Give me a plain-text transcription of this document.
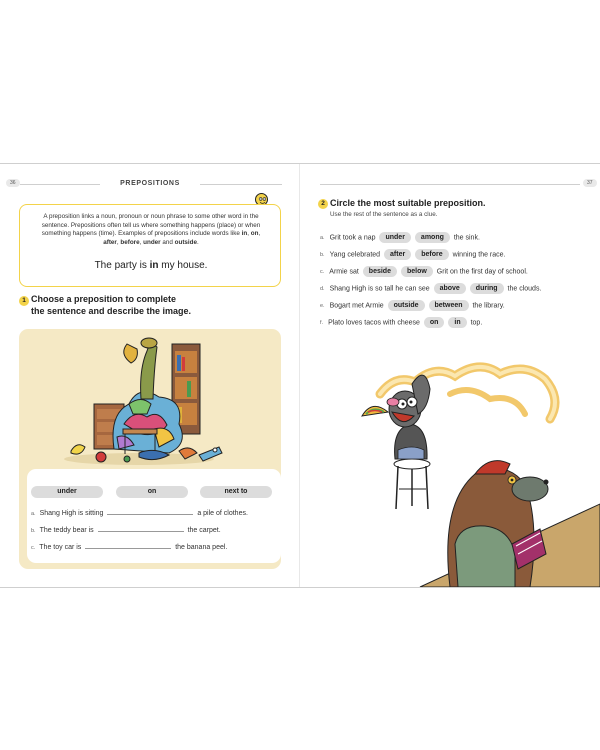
36	PREPOSITIONS
A preposition links a noun, pronoun or noun phrase to some other word in the sentence. Prepositions often tell us where something happens (place) or when something happens (time). Examples of prepositions include words like in, on, after, before, under and outside.
The party is in my house.
1 Choose a preposition to complete
the sentence and describe the image.
under	on	next to
a. Shang High is sitting	a pile of clothes.
b. The teddy bear is	the carpet.
c. The toy car is	the banana peel.
37
2 Circle the most suitable preposition.
Use the rest of the sentence as a clue.
a. Grit took a nap under among the sink.
b. Yang celebrated after before winning the race.
c. Armie sat beside below Grit on the first day of school.
d. Shang High is so tall he can see above during the clouds.
e. Bogart met Armie outside between the library.
f. Plato loves tacos with cheese on in top.
